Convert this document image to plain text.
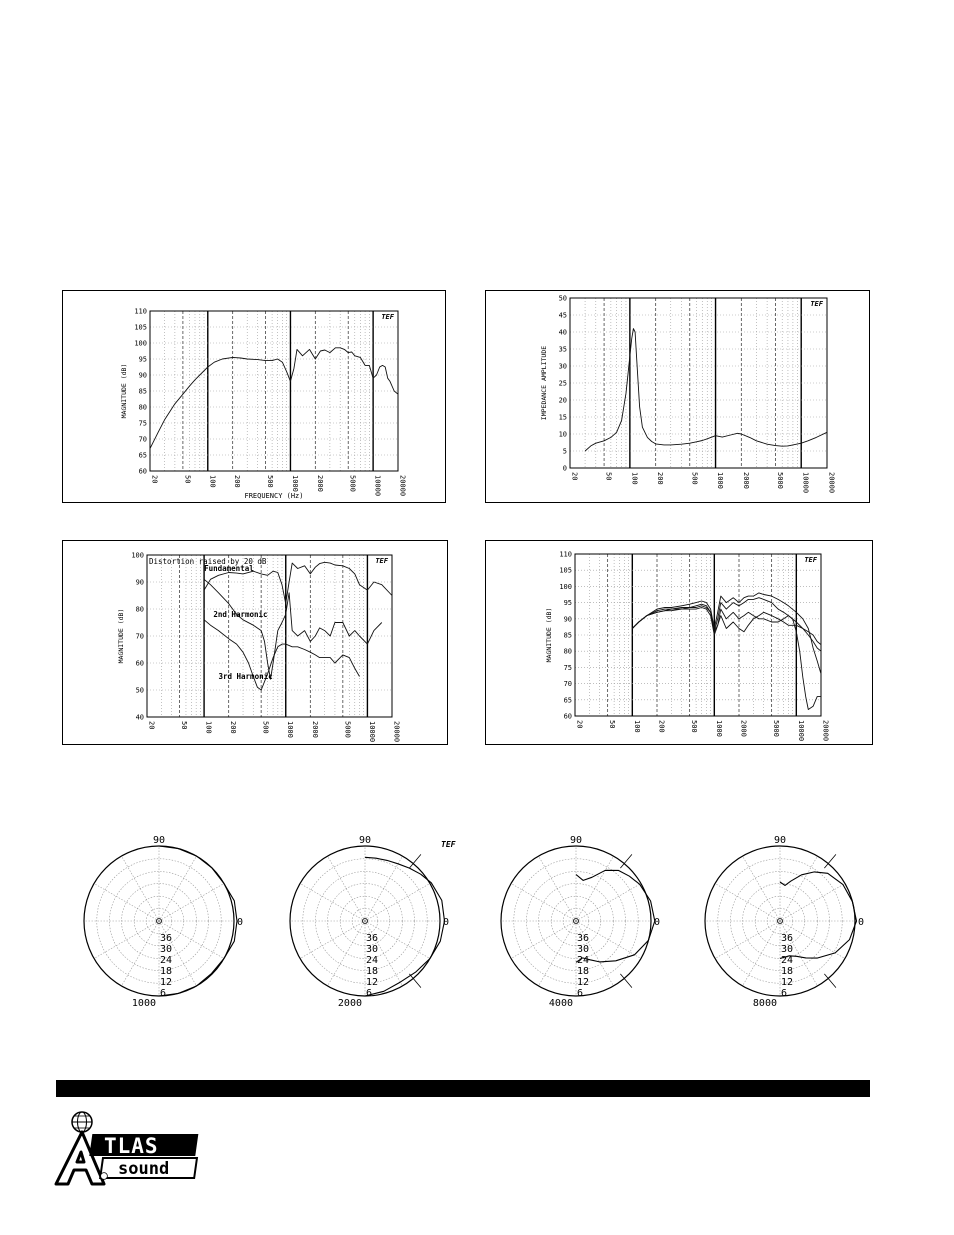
60
65
70
75
80
85
90
95
100
105
110
20	50 100 200	500 1000 2000	5000 10000 20000
MAGNITUDE (dB)
FREQUENCY (Hz)
TEF
0
5
10
15
20
25
30
35
40
45
50
20	50	100	200	500	1000	2000	5000	10000	20000
IMPEDANCE AMPLITUDE
TEF
40
50
60
70
80
90
100
20	50 100 200	500 1000 2000	5000 10000 20000
MAGNITUDE (dB)
TEF
Distortion raised by 20 dB
Fundamental
2nd Harmonic
3rd Harmonic
60
65
70
75
80
85
90
95
100
105
110
20	50 100 200	500 1000 2000	5000 10000 20000
MAGNITUDE (dB)
TEF
90
0
36
30
24
18
12
6
1000
90
0
36
30
24
18
12
6
2000
90
0
36
30
24
18
12
6
4000
90
0
36
30
24
18
12
6
8000
TEF
TLAS
sound
